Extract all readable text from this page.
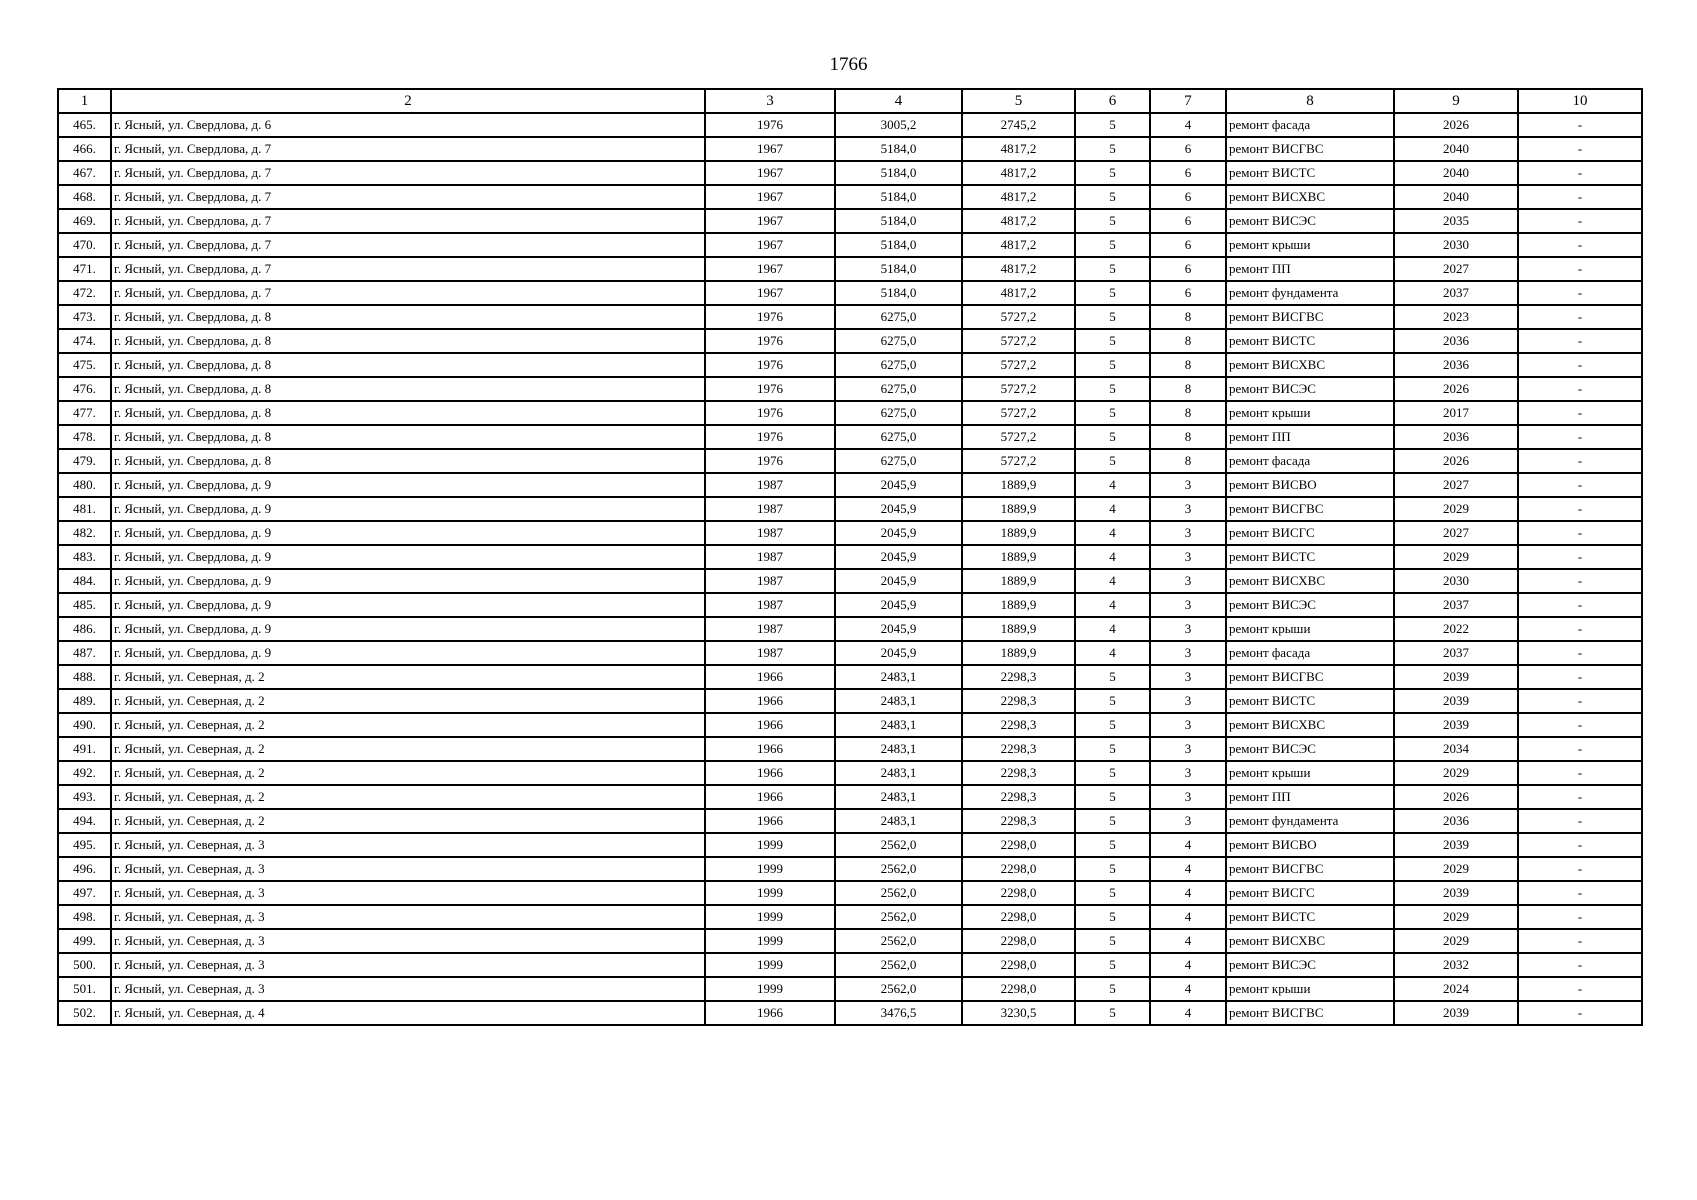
1766
1	2	3	4	5	6	7	8	9	10
465.	г. Ясный, ул. Свердлова, д. 6	1976	3005,2	2745,2	5	4	ремонт фасада	2026	-
466.	г. Ясный, ул. Свердлова, д. 7	1967	5184,0	4817,2	5	6	ремонт ВИСГВС	2040	-
467.	г. Ясный, ул. Свердлова, д. 7	1967	5184,0	4817,2	5	6	ремонт ВИСТС	2040	-
468.	г. Ясный, ул. Свердлова, д. 7	1967	5184,0	4817,2	5	6	ремонт ВИСХВС	2040	-
469.	г. Ясный, ул. Свердлова, д. 7	1967	5184,0	4817,2	5	6	ремонт ВИСЭС	2035	-
470.	г. Ясный, ул. Свердлова, д. 7	1967	5184,0	4817,2	5	6	ремонт крыши	2030	-
471.	г. Ясный, ул. Свердлова, д. 7	1967	5184,0	4817,2	5	6	ремонт ПП	2027	-
472.	г. Ясный, ул. Свердлова, д. 7	1967	5184,0	4817,2	5	6	ремонт фундамента	2037	-
473.	г. Ясный, ул. Свердлова, д. 8	1976	6275,0	5727,2	5	8	ремонт ВИСГВС	2023	-
474.	г. Ясный, ул. Свердлова, д. 8	1976	6275,0	5727,2	5	8	ремонт ВИСТС	2036	-
475.	г. Ясный, ул. Свердлова, д. 8	1976	6275,0	5727,2	5	8	ремонт ВИСХВС	2036	-
476.	г. Ясный, ул. Свердлова, д. 8	1976	6275,0	5727,2	5	8	ремонт ВИСЭС	2026	-
477.	г. Ясный, ул. Свердлова, д. 8	1976	6275,0	5727,2	5	8	ремонт крыши	2017	-
478.	г. Ясный, ул. Свердлова, д. 8	1976	6275,0	5727,2	5	8	ремонт ПП	2036	-
479.	г. Ясный, ул. Свердлова, д. 8	1976	6275,0	5727,2	5	8	ремонт фасада	2026	-
480.	г. Ясный, ул. Свердлова, д. 9	1987	2045,9	1889,9	4	3	ремонт ВИСВО	2027	-
481.	г. Ясный, ул. Свердлова, д. 9	1987	2045,9	1889,9	4	3	ремонт ВИСГВС	2029	-
482.	г. Ясный, ул. Свердлова, д. 9	1987	2045,9	1889,9	4	3	ремонт ВИСГС	2027	-
483.	г. Ясный, ул. Свердлова, д. 9	1987	2045,9	1889,9	4	3	ремонт ВИСТС	2029	-
484.	г. Ясный, ул. Свердлова, д. 9	1987	2045,9	1889,9	4	3	ремонт ВИСХВС	2030	-
485.	г. Ясный, ул. Свердлова, д. 9	1987	2045,9	1889,9	4	3	ремонт ВИСЭС	2037	-
486.	г. Ясный, ул. Свердлова, д. 9	1987	2045,9	1889,9	4	3	ремонт крыши	2022	-
487.	г. Ясный, ул. Свердлова, д. 9	1987	2045,9	1889,9	4	3	ремонт фасада	2037	-
488.	г. Ясный, ул. Северная, д. 2	1966	2483,1	2298,3	5	3	ремонт ВИСГВС	2039	-
489.	г. Ясный, ул. Северная, д. 2	1966	2483,1	2298,3	5	3	ремонт ВИСТС	2039	-
490.	г. Ясный, ул. Северная, д. 2	1966	2483,1	2298,3	5	3	ремонт ВИСХВС	2039	-
491.	г. Ясный, ул. Северная, д. 2	1966	2483,1	2298,3	5	3	ремонт ВИСЭС	2034	-
492.	г. Ясный, ул. Северная, д. 2	1966	2483,1	2298,3	5	3	ремонт крыши	2029	-
493.	г. Ясный, ул. Северная, д. 2	1966	2483,1	2298,3	5	3	ремонт ПП	2026	-
494.	г. Ясный, ул. Северная, д. 2	1966	2483,1	2298,3	5	3	ремонт фундамента	2036	-
495.	г. Ясный, ул. Северная, д. 3	1999	2562,0	2298,0	5	4	ремонт ВИСВО	2039	-
496.	г. Ясный, ул. Северная, д. 3	1999	2562,0	2298,0	5	4	ремонт ВИСГВС	2029	-
497.	г. Ясный, ул. Северная, д. 3	1999	2562,0	2298,0	5	4	ремонт ВИСГС	2039	-
498.	г. Ясный, ул. Северная, д. 3	1999	2562,0	2298,0	5	4	ремонт ВИСТС	2029	-
499.	г. Ясный, ул. Северная, д. 3	1999	2562,0	2298,0	5	4	ремонт ВИСХВС	2029	-
500.	г. Ясный, ул. Северная, д. 3	1999	2562,0	2298,0	5	4	ремонт ВИСЭС	2032	-
501.	г. Ясный, ул. Северная, д. 3	1999	2562,0	2298,0	5	4	ремонт крыши	2024	-
502.	г. Ясный, ул. Северная, д. 4	1966	3476,5	3230,5	5	4	ремонт ВИСГВС	2039	-
